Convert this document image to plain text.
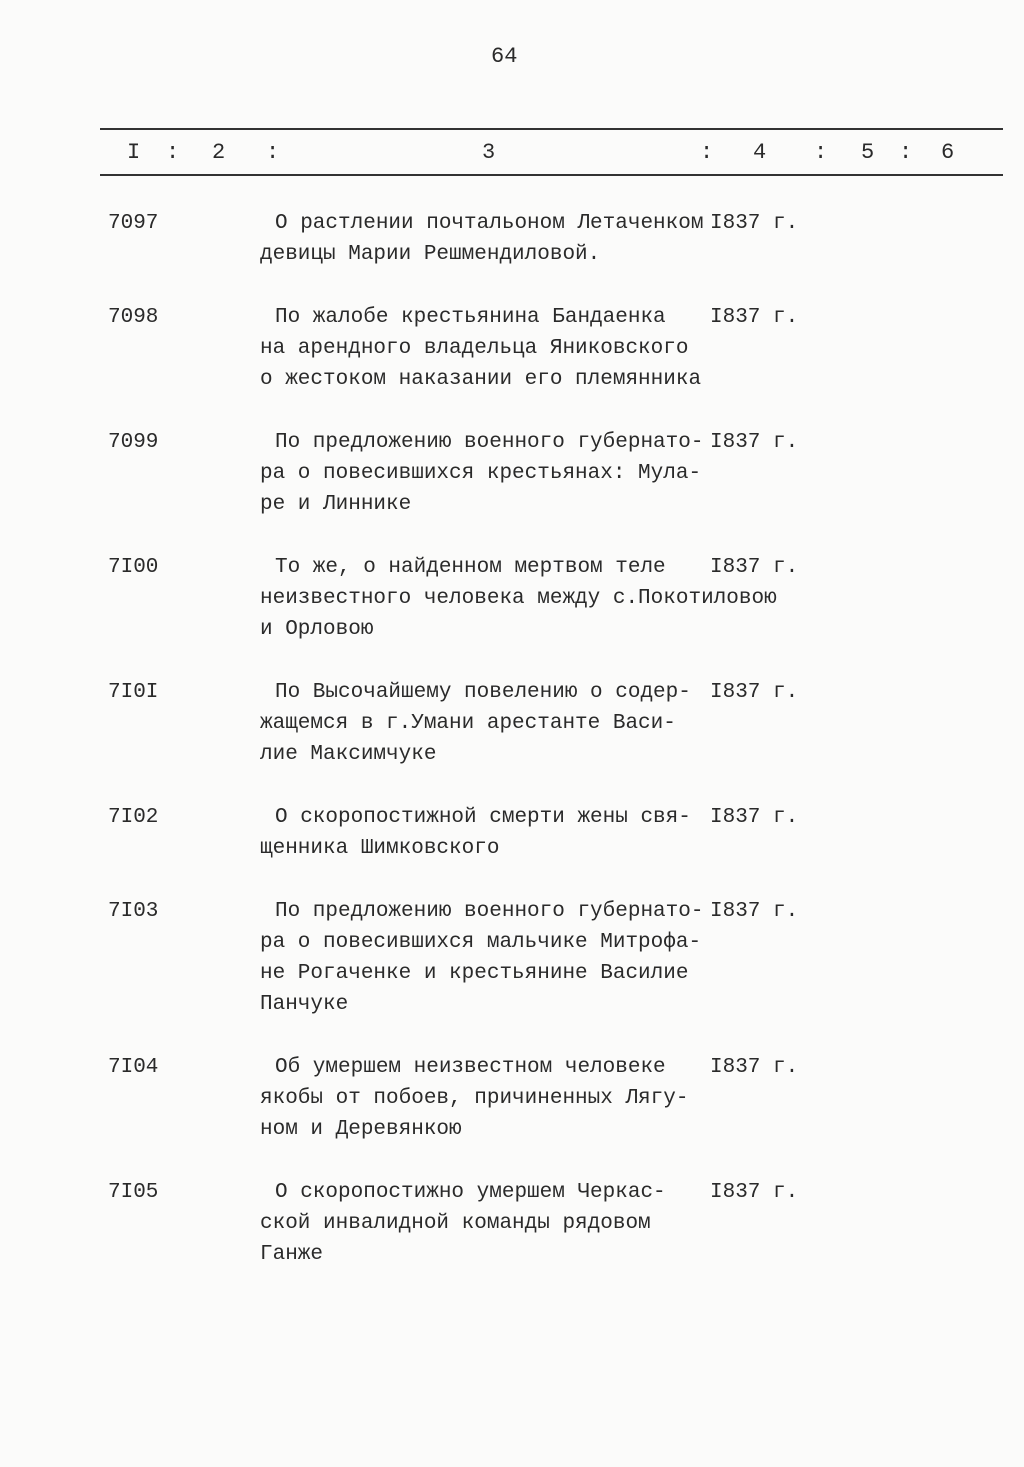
64
I : 2 :	3	: 4 : 5 : 6
7097	О растлении почтальоном Летаченком
девицы Марии Решмендиловой.
I837 г.
7098	По жалобе крестьянина Бандаенка
на арендного владельца Яниковского
о жестоком наказании его племянника
I837 г.
7099	По предложению военного губернато-
ра о повесившихся крестьянах: Мула-
ре и Линнике
I837 г.
7I00	То же, о найденном мертвом теле
неизвестного человека между с.Покотиловою
и Орловою
I837 г.
7I0I	По Высочайшему повелению о содер-
жащемся в г.Умани арестанте Васи-
лие Максимчуке
I837 г.
7I02	О скоропостижной смерти жены свя-
щенника Шимковского
I837 г.
7I03	По предложению военного губернато-
ра о повесившихся мальчике Митрофа-
не Рогаченке и крестьянине Василие
Панчуке
I837 г.
7I04	Об умершем неизвестном человеке
якобы от побоев, причиненных Лягу-
ном и Деревянкою
I837 г.
7I05	О скоропостижно умершем Черкас-
ской инвалидной команды рядовом
Ганже
I837 г.
